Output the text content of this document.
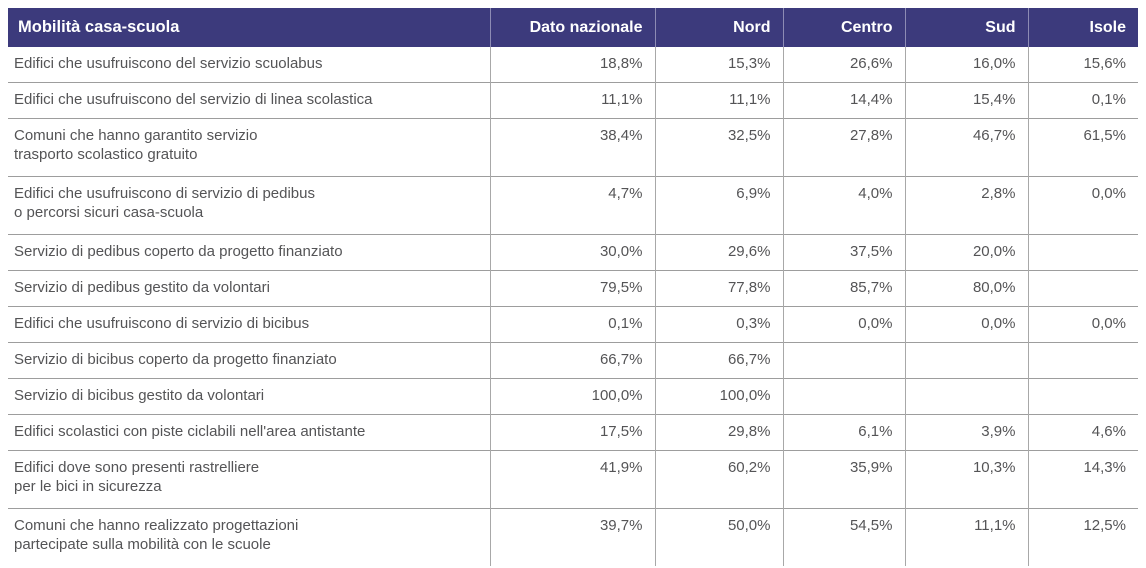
Mobilità casa-scuola	Dato nazionale	Nord	Centro	Sud	Isole

Edifici che usufruiscono del servizio scuolabus	18,8%	15,3%	26,6%	16,0%	15,6%

Edifici che usufruiscono del servizio di linea scolastica	11,1%	11,1%	14,4%	15,4%	0,1%

Comuni che hanno garantito servizio
trasporto scolastico gratuito	38,4%	32,5%	27,8%	46,7%	61,5%

Edifici che usufruiscono di servizio di pedibus
o percorsi sicuri casa-scuola	4,7%	6,9%	4,0%	2,8%	0,0%

Servizio di pedibus coperto da progetto finanziato	30,0%	29,6%	37,5%	20,0%	

Servizio di pedibus gestito da volontari	79,5%	77,8%	85,7%	80,0%	

Edifici che usufruiscono di servizio di bicibus	0,1%	0,3%	0,0%	0,0%	0,0%

Servizio di bicibus coperto da progetto finanziato	66,7%	66,7%			

Servizio di bicibus gestito da volontari	100,0%	100,0%			

Edifici scolastici con piste ciclabili nell'area antistante	17,5%	29,8%	6,1%	3,9%	4,6%

Edifici dove sono presenti rastrelliere
per le bici in sicurezza	41,9%	60,2%	35,9%	10,3%	14,3%

Comuni che hanno realizzato progettazioni
partecipate sulla mobilità con le scuole	39,7%	50,0%	54,5%	11,1%	12,5%
